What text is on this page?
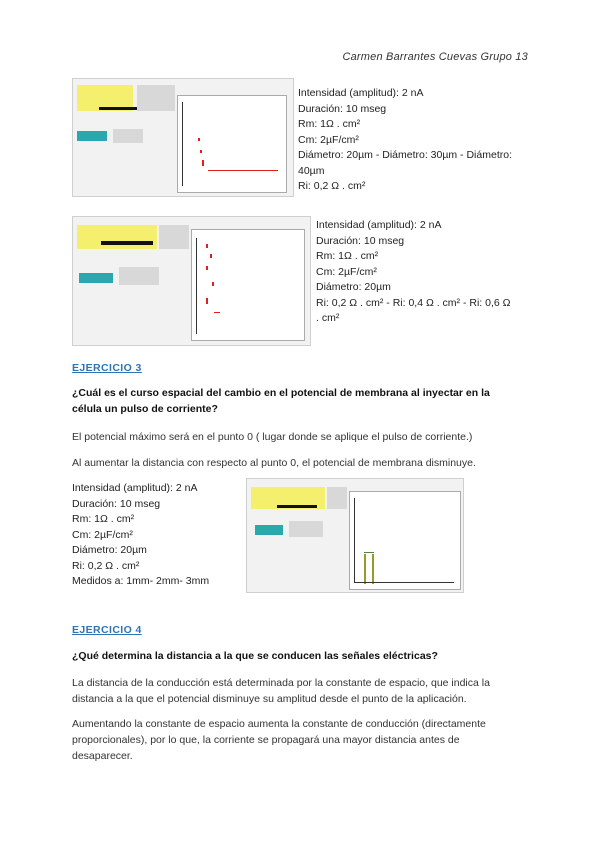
Carmen Barrantes Cuevas Grupo 13
Intensidad (amplitud): 2 nA
Duración: 10 mseg
Rm: 1Ω . cm²
Cm: 2µF/cm²
Diámetro: 20µm - Diámetro: 30µm - Diámetro:
40µm
Ri: 0,2 Ω . cm²
Intensidad (amplitud): 2 nA
Duración: 10 mseg
Rm: 1Ω . cm²
Cm: 2µF/cm²
Diámetro: 20µm
Ri: 0,2 Ω . cm² - Ri: 0,4 Ω . cm² - Ri: 0,6 Ω
. cm²
EJERCICIO 3
¿Cuál es el curso espacial del cambio en el potencial de membrana al inyectar en la
célula un pulso de corriente?
El potencial máximo será en el punto 0 ( lugar donde se aplique el pulso de corriente.)
Al aumentar la distancia con respecto al punto 0, el potencial de membrana disminuye.
Intensidad (amplitud): 2 nA
Duración: 10 mseg
Rm: 1Ω . cm²
Cm: 2µF/cm²
Diámetro: 20µm
Ri: 0,2 Ω . cm²
Medidos a: 1mm- 2mm- 3mm
EJERCICIO 4
¿Qué determina la distancia a la que se conducen las señales eléctricas?
La distancia de la conducción está determinada por la constante de espacio, que indica la
distancia a la que el potencial disminuye su amplitud desde el punto de la aplicación.
Aumentando la constante de espacio aumenta la constante de conducción (directamente
proporcionales), por lo que, la corriente se propagará una mayor distancia antes de
desaparecer.
